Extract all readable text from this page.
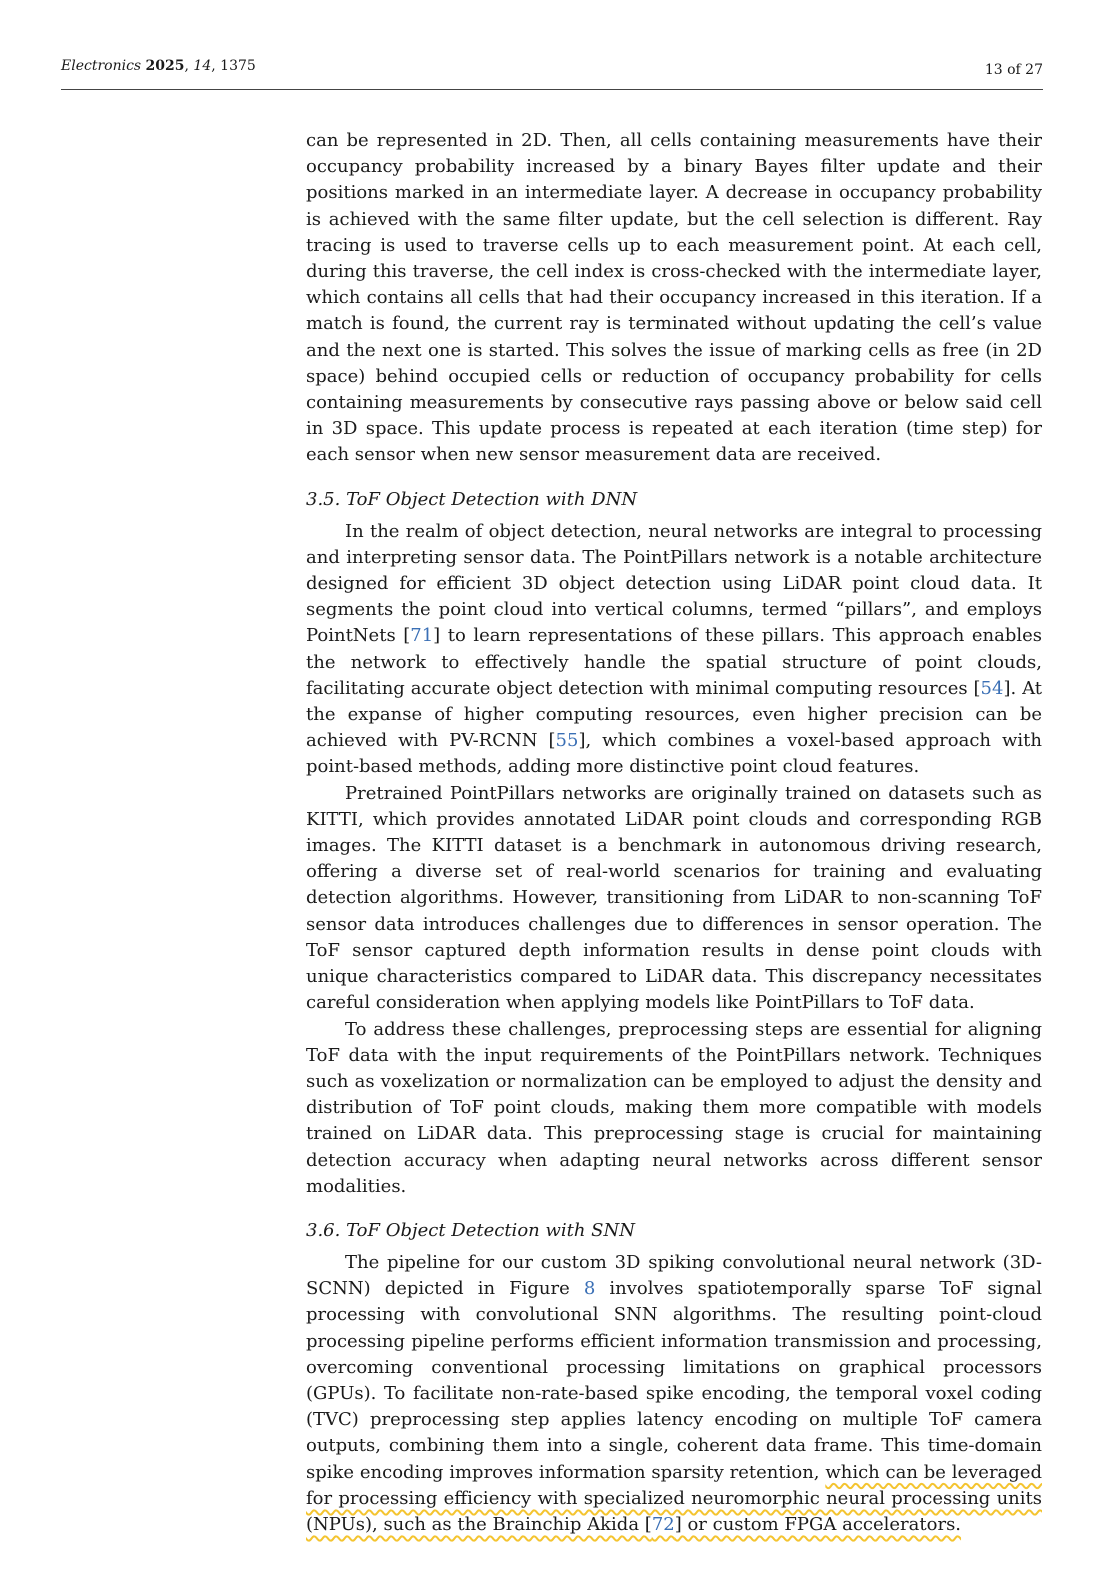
Electronics 2025, 14, 1375	13 of 27

can be represented in 2D. Then, all cells containing measurements have their occupancy probability increased by a binary Bayes filter update and their positions marked in an intermediate layer. A decrease in occupancy probability is achieved with the same filter update, but the cell selection is different. Ray tracing is used to traverse cells up to each measurement point. At each cell, during this traverse, the cell index is cross-checked with the intermediate layer, which contains all cells that had their occupancy increased in this iteration. If a match is found, the current ray is terminated without updating the cell’s value and the next one is started. This solves the issue of marking cells as free (in 2D space) behind occupied cells or reduction of occupancy probability for cells containing measurements by consecutive rays passing above or below said cell in 3D space. This update process is repeated at each iteration (time step) for each sensor when new sensor measurement data are received.

3.5. ToF Object Detection with DNN

In the realm of object detection, neural networks are integral to processing and interpreting sensor data. The PointPillars network is a notable architecture designed for efficient 3D object detection using LiDAR point cloud data. It segments the point cloud into vertical columns, termed “pillars”, and employs PointNets [71] to learn representations of these pillars. This approach enables the network to effectively handle the spatial structure of point clouds, facilitating accurate object detection with minimal computing resources [54]. At the expanse of higher computing resources, even higher precision can be achieved with PV-RCNN [55], which combines a voxel-based approach with point-based methods, adding more distinctive point cloud features.

Pretrained PointPillars networks are originally trained on datasets such as KITTI, which provides annotated LiDAR point clouds and corresponding RGB images. The KITTI dataset is a benchmark in autonomous driving research, offering a diverse set of real-world scenarios for training and evaluating detection algorithms. However, transitioning from LiDAR to non-scanning ToF sensor data introduces challenges due to differences in sensor operation. The ToF sensor captured depth information results in dense point clouds with unique characteristics compared to LiDAR data. This discrepancy necessitates careful consideration when applying models like PointPillars to ToF data.

To address these challenges, preprocessing steps are essential for aligning ToF data with the input requirements of the PointPillars network. Techniques such as voxelization or normalization can be employed to adjust the density and distribution of ToF point clouds, making them more compatible with models trained on LiDAR data. This preprocessing stage is crucial for maintaining detection accuracy when adapting neural networks across different sensor modalities.

3.6. ToF Object Detection with SNN

The pipeline for our custom 3D spiking convolutional neural network (3D-SCNN) depicted in Figure 8 involves spatiotemporally sparse ToF signal processing with convolutional SNN algorithms. The resulting point-cloud processing pipeline performs efficient information transmission and processing, overcoming conventional processing limitations on graphical processors (GPUs). To facilitate non-rate-based spike encoding, the temporal voxel coding (TVC) preprocessing step applies latency encoding on multiple ToF camera outputs, combining them into a single, coherent data frame. This time-domain spike encoding improves information sparsity retention, which can be leveraged for processing efficiency with specialized neuromorphic neural processing units (NPUs), such as the Brainchip Akida [72] or custom FPGA accelerators.
